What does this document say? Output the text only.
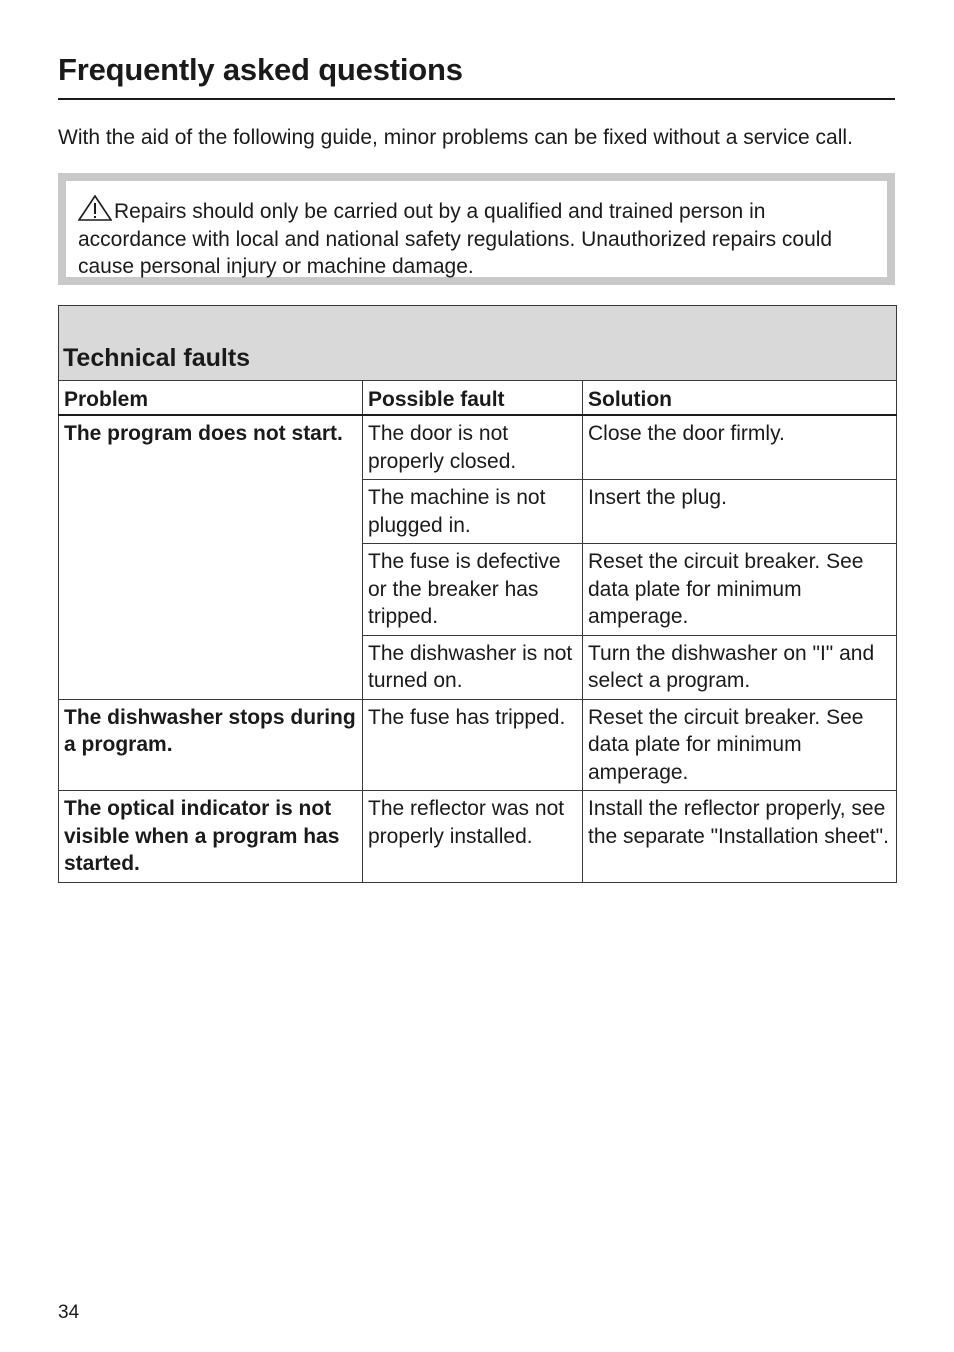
Frequently asked questions

With the aid of the following guide, minor problems can be fixed without a service call.

Repairs should only be carried out by a qualified and trained person in accordance with local and national safety regulations. Unauthorized repairs could cause personal injury or machine damage.

Technical faults		
Problem	Possible fault	Solution
The program does not start.	The door is not properly closed.	Close the door firmly.
	The machine is not plugged in.	Insert the plug.
	The fuse is defective or the breaker has tripped.	Reset the circuit breaker. See data plate for minimum amperage.
	The dishwasher is not turned on.	Turn the dishwasher on "I" and select a program.
The dishwasher stops during a program.	The fuse has tripped.	Reset the circuit breaker. See data plate for minimum amperage.
The optical indicator is not visible when a program has started.	The reflector was not properly installed.	Install the reflector properly, see the separate "Installation sheet".

34
